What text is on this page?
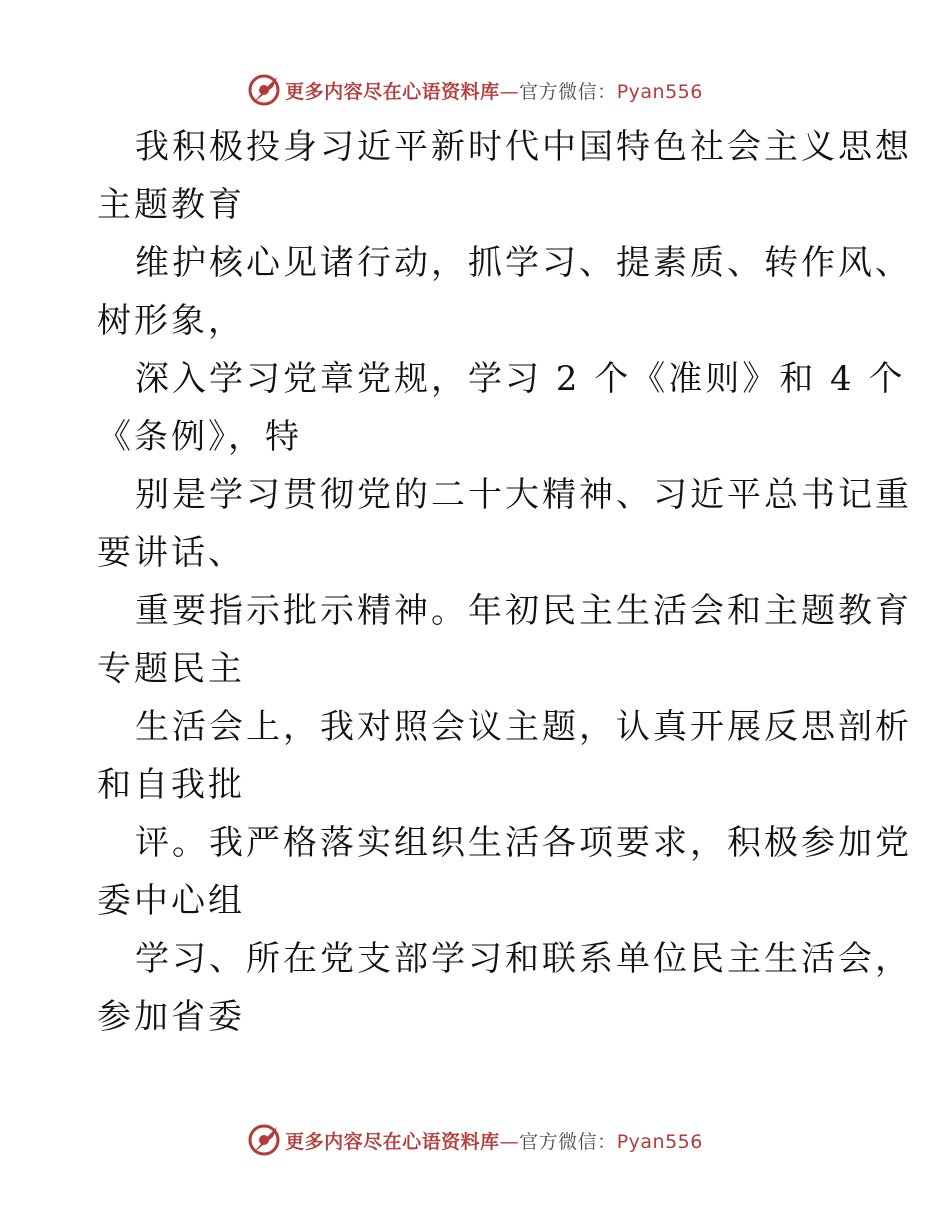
更多内容尽在心语资料库—官方微信：Pyan556

我积极投身习近平新时代中国特色社会主义思想
主题教育

维护核心见诸行动，抓学习、提素质、转作风、
树形象，

深入学习党章党规，学习 2 个《准则》和 4 个
《条例》，特

别是学习贯彻党的二十大精神、习近平总书记重
要讲话、

重要指示批示精神。年初民主生活会和主题教育
专题民主

生活会上，我对照会议主题，认真开展反思剖析
和自我批

评。我严格落实组织生活各项要求，积极参加党
委中心组

学习、所在党支部学习和联系单位民主生活会，
参加省委

更多内容尽在心语资料库—官方微信：Pyan556
